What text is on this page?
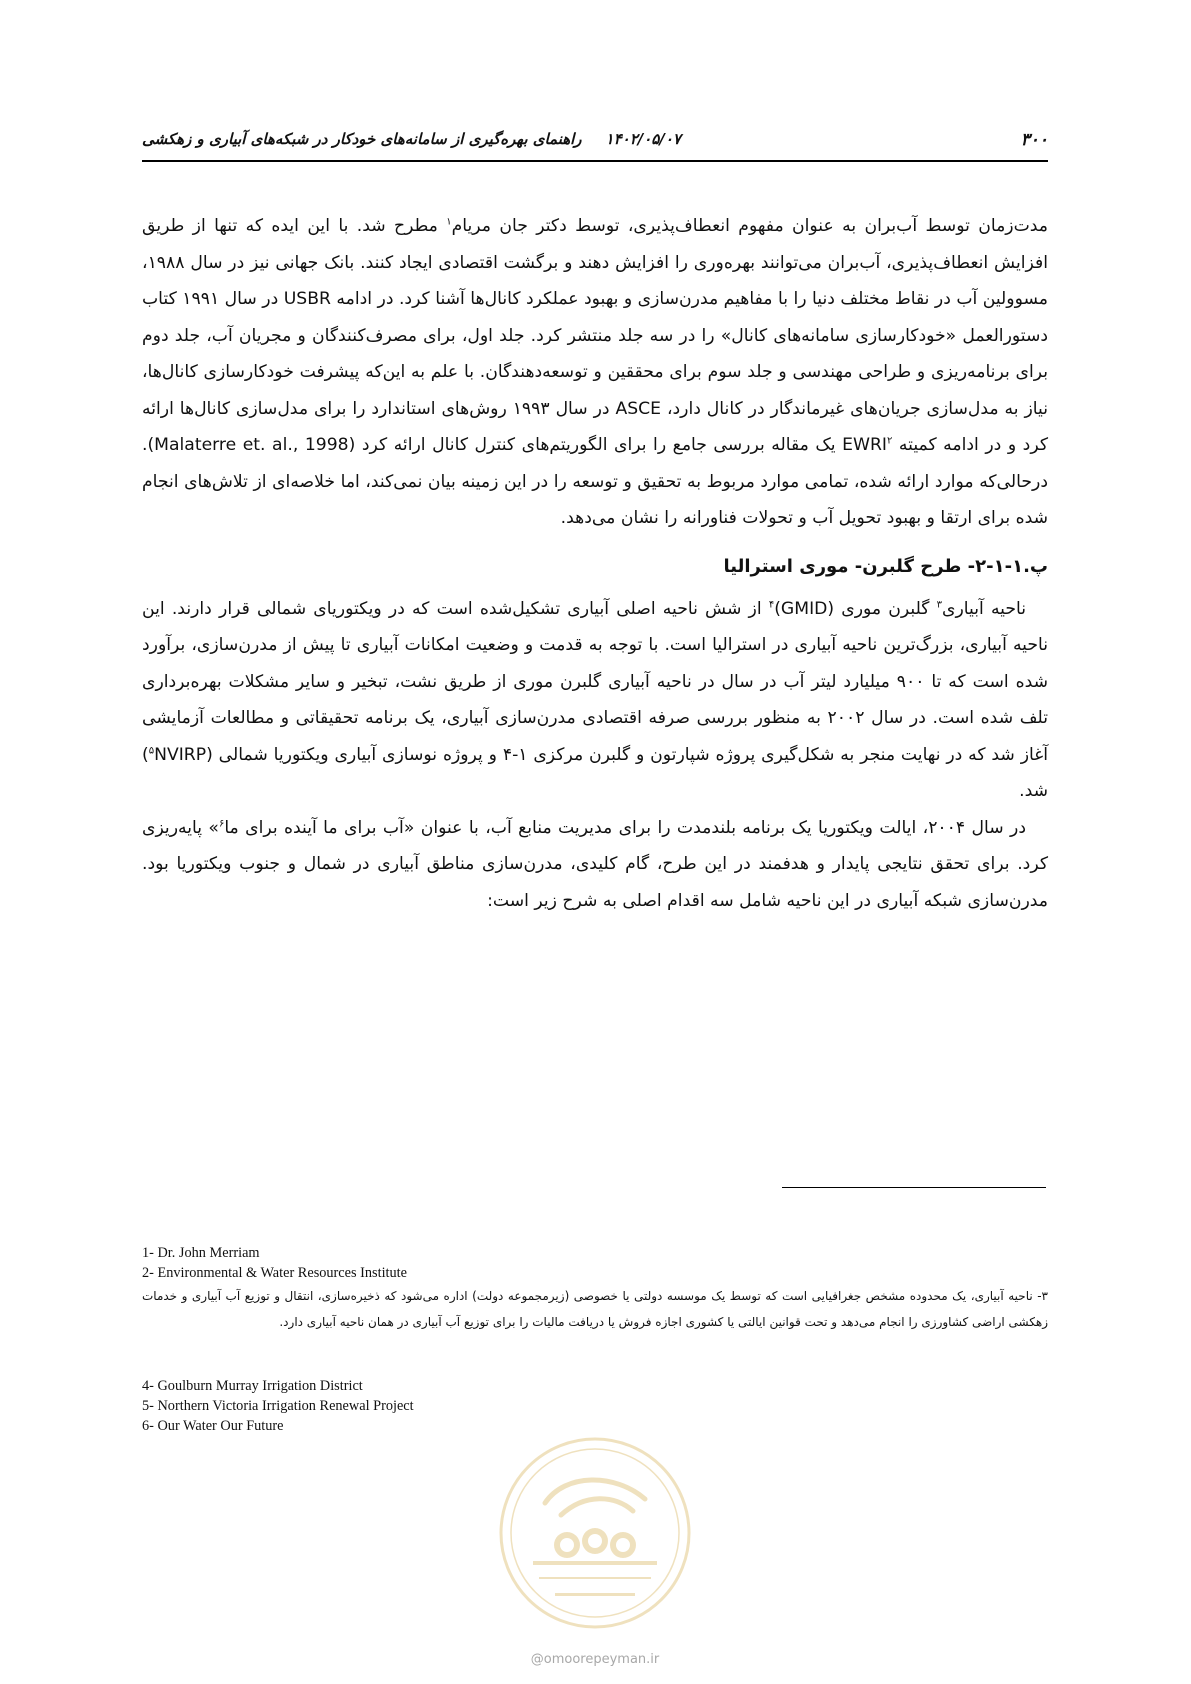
۳۰۰
۱۴۰۲/۰۵/۰۷راهنمای بهره‌گیری از سامانه‌های خودکار در شبکه‌های آبیاری و زهکشی

مدت‌زمان توسط آب‌بران به عنوان مفهوم انعطاف‌پذیری، توسط دکتر جان مریام$^۱$ مطرح شد. با این ایده که تنها از طریق افزایش انعطاف‌پذیری، آب‌بران می‌توانند بهره‌وری را افزایش دهند و برگشت اقتصادی ایجاد کنند. بانک جهانی نیز در سال ۱۹۸۸، مسوولین آب در نقاط مختلف دنیا را با مفاهیم مدرن‌سازی و بهبود عملکرد کانال‌ها آشنا کرد. در ادامه USBR در سال ۱۹۹۱ کتاب دستورالعمل «خودکارسازی سامانه‌های کانال» را در سه جلد منتشر کرد. جلد اول، برای مصرف‌کنندگان و مجریان آب، جلد دوم برای برنامه‌ریزی و طراحی مهندسی و جلد سوم برای محققین و توسعه‌دهندگان. با علم به این‌که پیشرفت خودکارسازی کانال‌ها، نیاز به مدل‌سازی جریان‌های غیرماندگار در کانال دارد، ASCE در سال ۱۹۹۳ روش‌های استاندارد را برای مدل‌سازی کانال‌ها ارائه کرد و در ادامه کمیته EWRI$^۲$ یک مقاله بررسی جامع را برای الگوریتم‌های کنترل کانال ارائه کرد (Malaterre et. al., 1998). درحالی‌که موارد ارائه شده، تمامی موارد مربوط به تحقیق و توسعه را در این زمینه بیان نمی‌کند، اما خلاصه‌ای از تلاش‌های انجام شده برای ارتقا و بهبود تحویل آب و تحولات فناورانه را نشان می‌دهد.

پ.۱-۱-۲- طرح گلبرن- موری استرالیا

ناحیه آبیاری$^۳$ گلبرن موری (GMID)$^۴$ از شش ناحیه اصلی آبیاری تشکیل‌شده است که در ویکتوریای شمالی قرار دارند. این ناحیه آبیاری، بزرگ‌ترین ناحیه آبیاری در استرالیا است. با توجه به قدمت و وضعیت امکانات آبیاری تا پیش از مدرن‌سازی، برآورد شده است که تا ۹۰۰ میلیارد لیتر آب در سال در ناحیه آبیاری گلبرن موری از طریق نشت، تبخیر و سایر مشکلات بهره‌برداری تلف شده است. در سال ۲۰۰۲ به منظور بررسی صرفه اقتصادی مدرن‌سازی آبیاری، یک برنامه تحقیقاتی و مطالعات آزمایشی آغاز شد که در نهایت منجر به شکل‌گیری پروژه شپارتون و گلبرن مرکزی ۱-۴ و پروژه نوسازی آبیاری ویکتوریا شمالی ($^۵$NVIRP) شد.

در سال ۲۰۰۴، ایالت ویکتوریا یک برنامه بلندمدت را برای مدیریت منابع آب، با عنوان «آب برای ما آینده برای ما$^۶$» پایه‌ریزی کرد. برای تحقق نتایجی پایدار و هدفمند در این طرح، گام کلیدی، مدرن‌سازی مناطق آبیاری در شمال و جنوب ویکتوریا بود. مدرن‌سازی شبکه آبیاری در این ناحیه شامل سه اقدام اصلی به شرح زیر است:

1- Dr. John Merriam
2- Environmental & Water Resources Institute
۳- ناحیه آبیاری، یک محدوده مشخص جغرافیایی است که توسط یک موسسه دولتی یا خصوصی (زیرمجموعه دولت) اداره می‌شود که ذخیره‌سازی، انتقال و توزیع آب آبیاری و خدمات زهکشی اراضی کشاورزی را انجام می‌دهد و تحت قوانین ایالتی یا کشوری اجازه فروش یا دریافت مالیات را برای توزیع آب آبیاری در همان ناحیه آبیاری دارد.
4- Goulburn Murray Irrigation District
5- Northern Victoria Irrigation Renewal Project
6- Our Water Our Future
@omoorepeyman.ir
